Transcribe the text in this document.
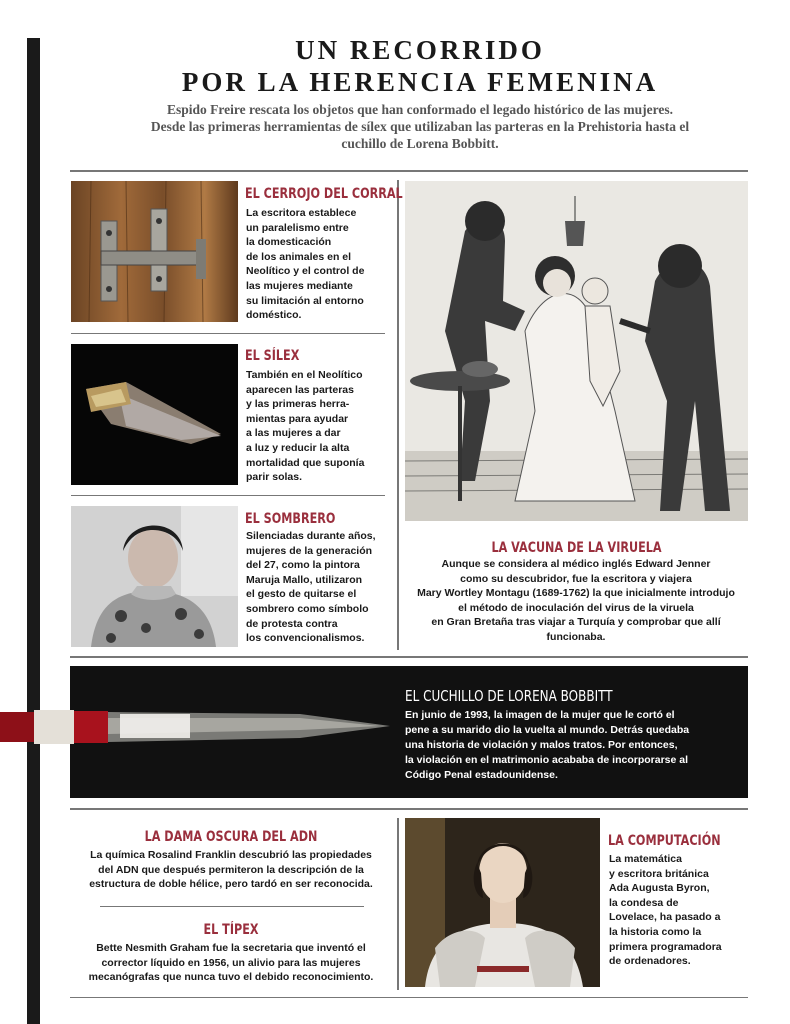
UN RECORRIDO
POR LA HERENCIA FEMENINA
Espido Freire rescata los objetos que han conformado el legado histórico de las mujeres.
Desde las primeras herramientas de sílex que utilizaban las parteras en la Prehistoria hasta el
cuchillo de Lorena Bobbitt.
EL CERROJO DEL CORRAL

La escritora establece

un paralelismo entre

la domesticación

de los animales en el

Neolítico y el control de

las mujeres mediante

su limitación al entorno

doméstico.

EL SÍLEX

También en el Neolítico

aparecen las parteras

y las primeras herra-

mientas para ayudar

a las mujeres a dar

a luz y reducir la alta

mortalidad que suponía

parir solas.

EL SOMBRERO

Silenciadas durante años,

mujeres de la generación

del 27, como la pintora

Maruja Mallo, utilizaron

el gesto de quitarse el

sombrero como símbolo

de protesta contra

los convencionalismos.

LA VACUNA DE LA VIRUELA

Aunque se considera al médico inglés Edward Jenner

como su descubridor, fue la escritora y viajera

Mary Wortley Montagu (1689-1762) la que inicialmente introdujo

el método de inoculación del virus de la viruela

en Gran Bretaña tras viajar a Turquía y comprobar que allí

funcionaba.

EL CUCHILLO DE LORENA BOBBITT
En junio de 1993, la imagen de la mujer que le cortó el
pene a su marido dio la vuelta al mundo. Detrás quedaba
una historia de violación y malos tratos. Por entonces,
la violación en el matrimonio acababa de incorporarse al
Código Penal estadounidense.
LA DAMA OSCURA DEL ADN

La química Rosalind Franklin descubrió las propiedades

del ADN que después permiteron la descripción de la

estructura de doble hélice, pero tardó en ser reconocida.

EL TÍPEX

Bette Nesmith Graham fue la secretaria que inventó el

corrector líquido en 1956, un alivio para las mujeres

mecanógrafas que nunca tuvo el debido reconocimiento.

LA COMPUTACIÓN

La matemática

y escritora británica

Ada Augusta Byron,

la condesa de

Lovelace, ha pasado a

la historia como la

primera programadora

de ordenadores.
